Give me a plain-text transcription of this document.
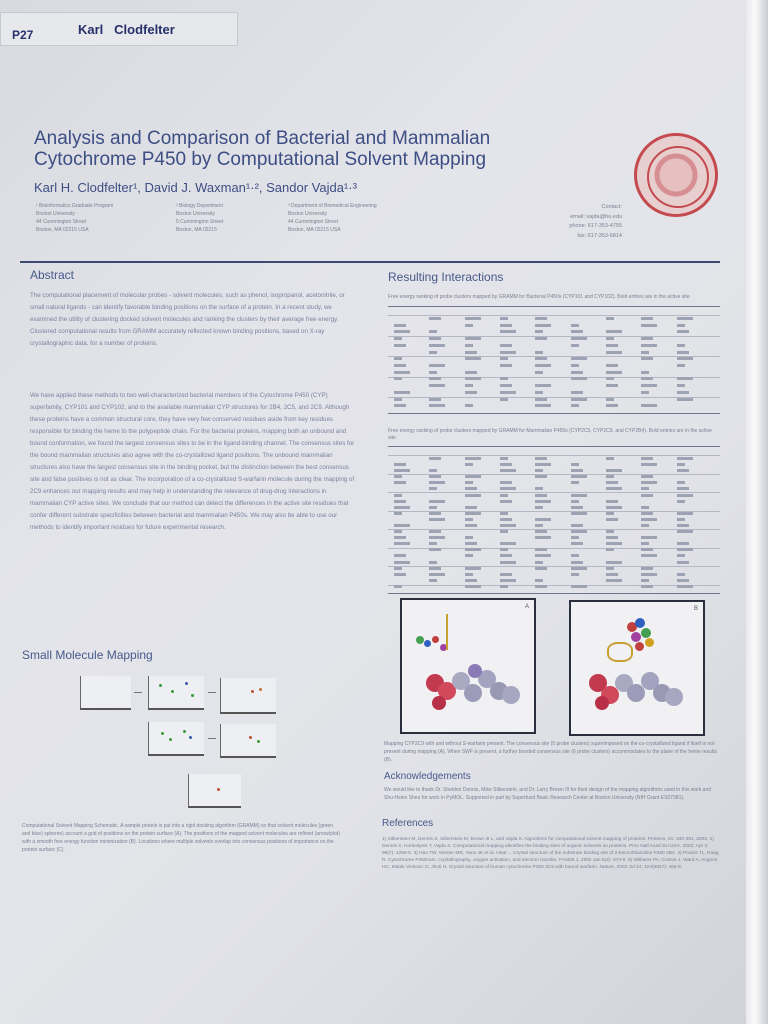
P27	Karl   Clodfelter
Analysis and Comparison of Bacterial and Mammalian
Cytochrome P450 by Computational Solvent Mapping
Karl H. Clodfelter¹, David J. Waxman¹·², Sandor Vajda¹·³
¹ Bioinformatics Graduate Program
Boston University
44 Cummington Street
Boston, MA 02215 USA
² Biology Department
Boston University
5 Cummington Street
Boston, MA 02215
³ Department of Biomedical Engineering
Boston University
44 Cummington Street
Boston, MA 02215 USA
Contact:
email: vajda@bu.edu
phone: 617-353-4755
fax: 617-353-6814
Abstract
The computational placement of molecular probes - solvent molecules, such as phenol, isopropanol, acetonitrile, or small natural ligands - can identify favorable binding positions on the surface of a protein. In a recent study, we examined the utility of clustering docked solvent molecules and ranking the clusters by their average free energy. Clustered computational results from GRAMM accurately reflected known binding positions, based on X-ray crystallographic data, for a number of proteins.
We have applied these methods to two well-characterized bacterial members of the Cytochrome P450 (CYP) superfamily, CYP101 and CYP102, and to the available mammalian CYP structures for 2B4, 2C5, and 2C9. Although these proteins have a common structural core, they have very few conserved residues aside from key residues responsible for binding the heme to the polypeptide chain. For the bacterial proteins, mapping both an unbound and bound conformation, we found the largest consensus sites to be in the ligand-binding channel. The consensus sites for the bound mammalian structures also agree with the co-crystallized ligand positions. The unbound mammalian structures also have the largest consensus site in the binding pocket, but the distinction between the best consensus site and false positives is not as clear. The incorporation of a co-crystallized S-warfarin molecule during the mapping of 2C9 enhances our mapping results and may help in understanding the relevance of drug-drug interactions in mammalian CYP active sites. We conclude that our method can detect the differences in the active site residues that confer different substrate specificities between bacterial and mammalian P450s. We may also be able to use our methods to identify important residues for future experimental research.
Small Molecule Mapping
Computational Solvent Mapping Schematic. A sample protein is put into a rigid docking algorithm (GRAMM) so that solvent molecules (green and blue) spheres) account a grid of positions on the protein surface (A). The positions of the mapped solvent molecules are refined (arrow/plot) with a smooth free energy function minimization (B). Locations where multiple solvents overlap into consensus positions of importance on the protein surface (C).
Resulting Interactions
Free energy ranking of probe clusters mapped by GRAMM for Bacterial P450s (CYP101 and CYP102). Bold entries are in the active site.
Free energy ranking of probe clusters mapped by GRAMM for Mammalian P450s (CYP2C5, CYP2C9, and CYP2B4). Bold entries are in the active site.
A	B
Mapping CYP2C9 with and without S-warfarin present. The consensus site (5 probe clusters) superimposed on the co-crystallized ligand if itself is not present during mapping (A). When SWF is present, a further bonded consensus site (6 probe clusters) accommodates to the plane of the heme results (B).
Acknowledgements
We would like to thank Dr. Sheldon Dennis, Mike Silberstein, and Dr. Larry Brown III for their design of the mapping algorithms used in this work and Shu-Hsien Sheu for work in PyMOL. Supported in part by Superfund Basic Research Center at Boston University (NIH Grant ES07381).
References
1) Silberstein M, Dennis S, Silberstein M, Brown III L, and Vajda S. Algorithms for computational solvent mapping of proteins. Proteins, 51: 340-351, 2003. 2) Dennis S, Kortvelyesi T, Vajda S. Computational mapping identifies the binding sites of organic solvents on proteins. Proc Natl Acad Sci USA, 2002, Apr 2; 99(7): 4290-5. 3) Hao TW, Wester MR, Yano JK et al. Heat ... Crystal structure of the substrate binding site of 2-benzothiazoline P450 2B4. 4) Poulos TL, Raag R. Cytochrome P450cam: crystallography, oxygen activation, and electron transfer. FASEB J, 1992 Jan 6(2): 674-9. 5) Williams PA, Cosme J, Ward A, Angove HC, Matak Vinkovic D, Jhoti H. Crystal structure of human cytochrome P450 2C9 with bound warfarin. Nature, 2003 Jul 24; 424(6947): 464-8.
